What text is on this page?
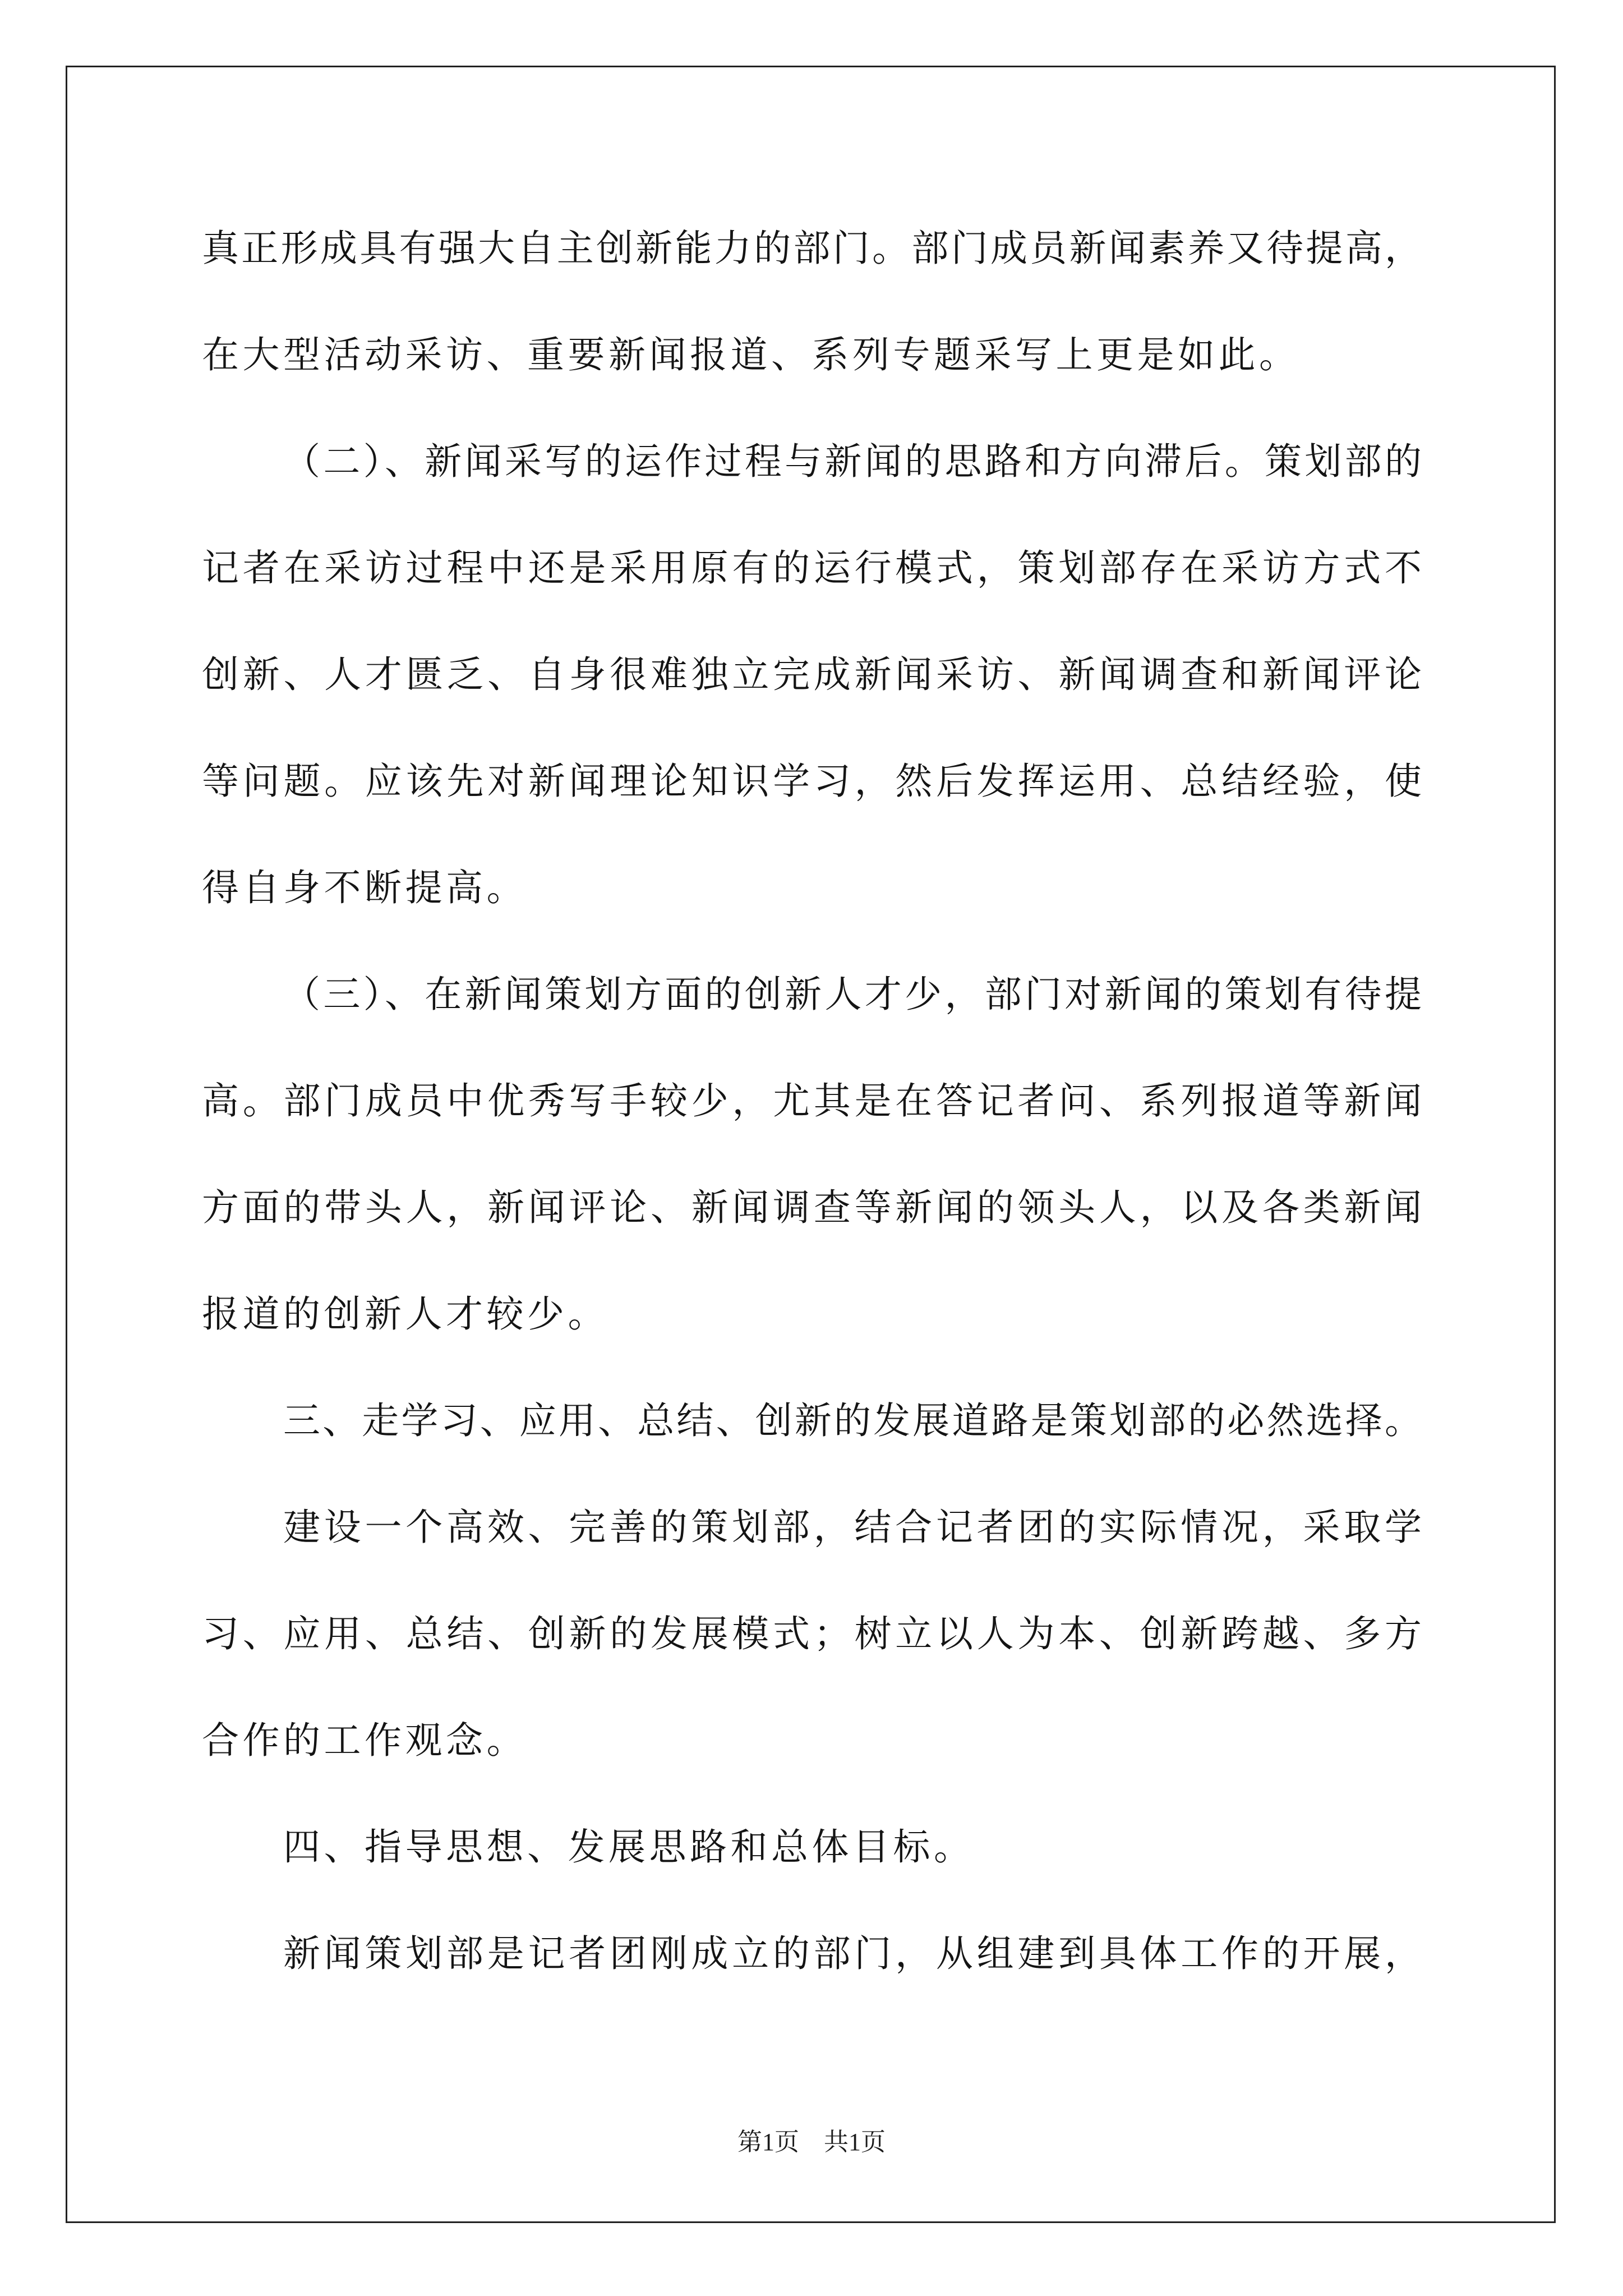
真正形成具有强大自主创新能力的部门。部门成员新闻素养又待提高，
在大型活动采访、重要新闻报道、系列专题采写上更是如此。
（二）、新闻采写的运作过程与新闻的思路和方向滞后。策划部的
记者在采访过程中还是采用原有的运行模式，策划部存在采访方式不
创新、人才匮乏、自身很难独立完成新闻采访、新闻调查和新闻评论
等问题。应该先对新闻理论知识学习，然后发挥运用、总结经验，使
得自身不断提高。
（三）、在新闻策划方面的创新人才少，部门对新闻的策划有待提
高。部门成员中优秀写手较少，尤其是在答记者问、系列报道等新闻
方面的带头人，新闻评论、新闻调查等新闻的领头人，以及各类新闻
报道的创新人才较少。
三、走学习、应用、总结、创新的发展道路是策划部的必然选择。
建设一个高效、完善的策划部，结合记者团的实际情况，采取学
习、应用、总结、创新的发展模式；树立以人为本、创新跨越、多方
合作的工作观念。
四、指导思想、发展思路和总体目标。
新闻策划部是记者团刚成立的部门，从组建到具体工作的开展，
第1页　共1页
